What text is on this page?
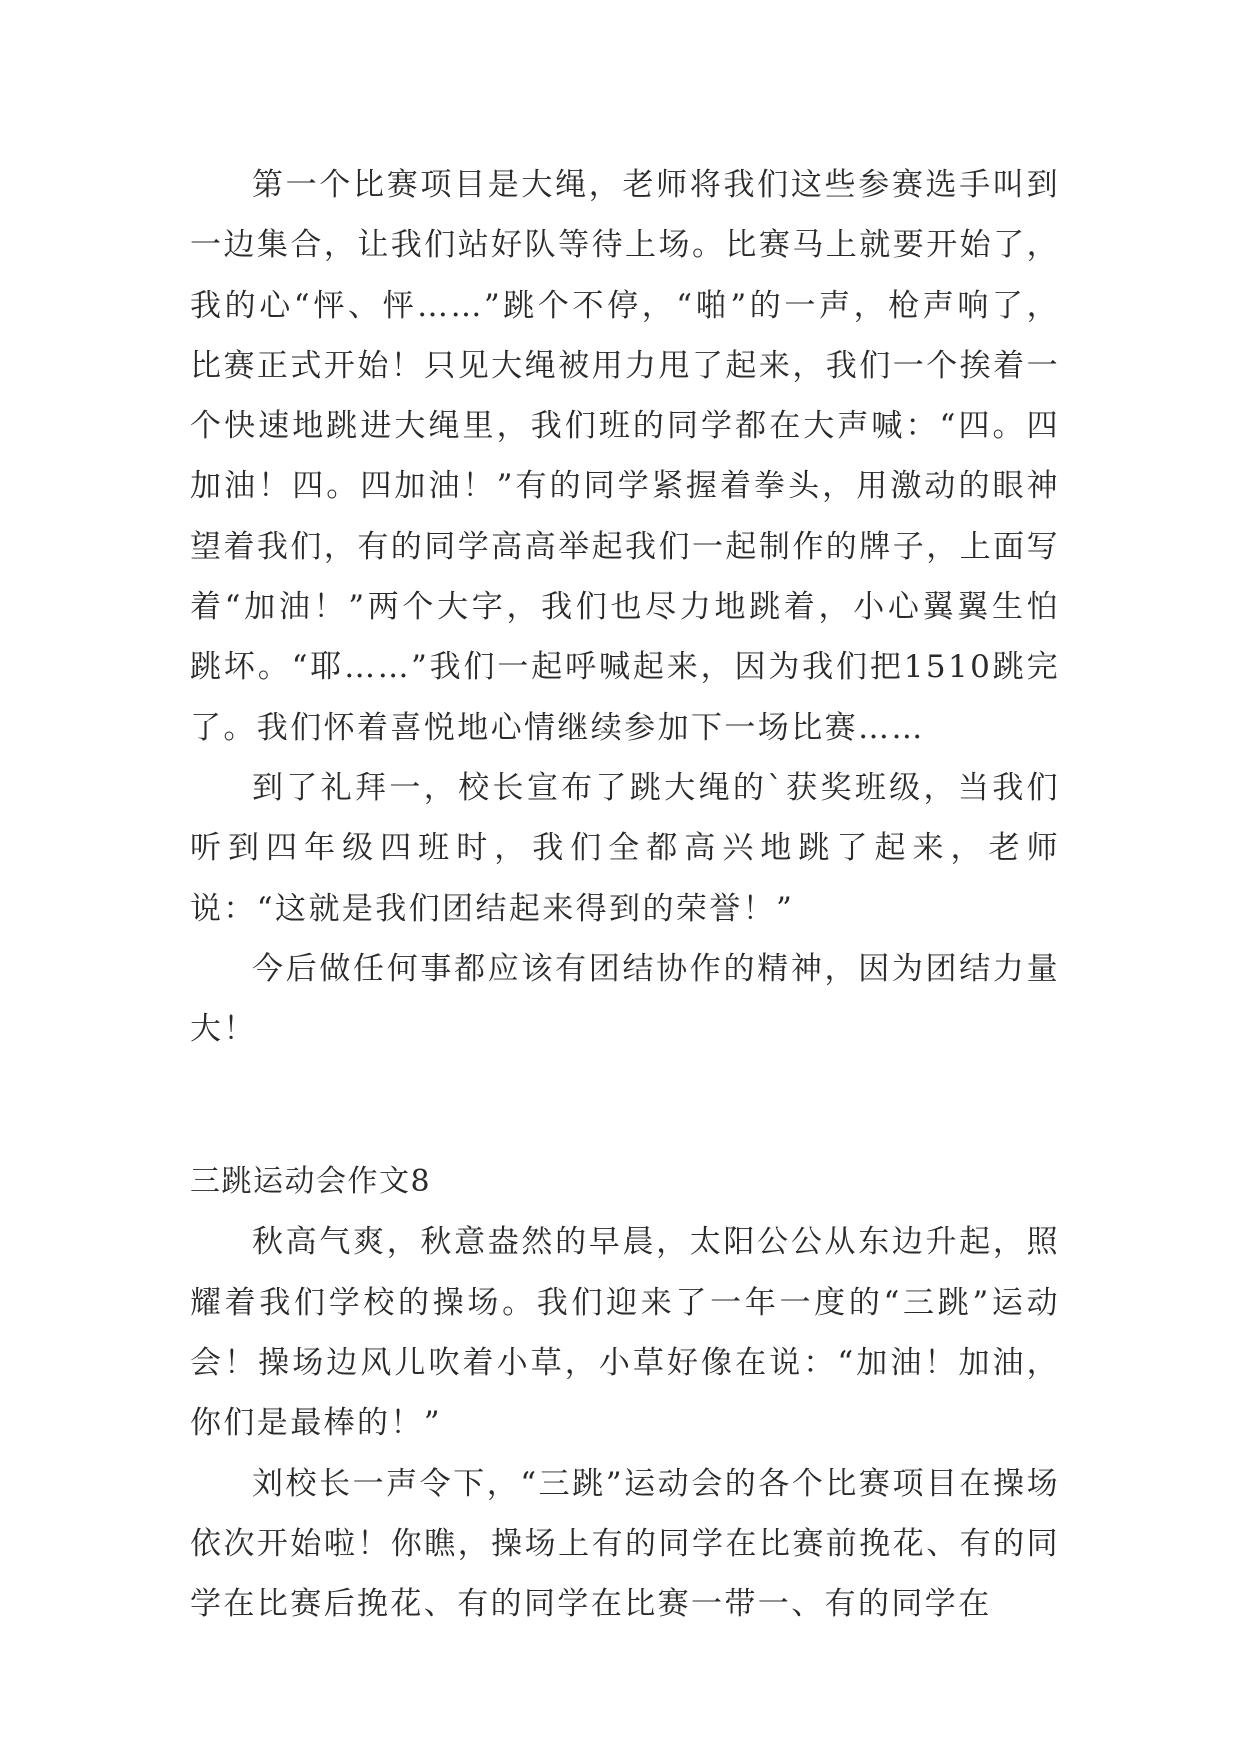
第一个比赛项目是大绳，老师将我们这些参赛选手叫到一边集合，让我们站好队等待上场。比赛马上就要开始了，我的心“怦、怦……”跳个不停，“啪”的一声，枪声响了，比赛正式开始！只见大绳被用力甩了起来，我们一个挨着一个快速地跳进大绳里，我们班的同学都在大声喊：“四。四加油！四。四加油！”有的同学紧握着拳头，用激动的眼神望着我们，有的同学高高举起我们一起制作的牌子，上面写着“加油！”两个大字，我们也尽力地跳着，小心翼翼生怕跳坏。“耶……”我们一起呼喊起来，因为我们把1510跳完了。我们怀着喜悦地心情继续参加下一场比赛……

到了礼拜一，校长宣布了跳大绳的`获奖班级，当我们听到四年级四班时，我们全都高兴地跳了起来，老师说：“这就是我们团结起来得到的荣誉！”

今后做任何事都应该有团结协作的精神，因为团结力量大！

三跳运动会作文8

秋高气爽，秋意盎然的早晨，太阳公公从东边升起，照耀着我们学校的操场。我们迎来了一年一度的“三跳”运动会！操场边风儿吹着小草，小草好像在说：“加油！加油，你们是最棒的！”

刘校长一声令下，“三跳”运动会的各个比赛项目在操场依次开始啦！你瞧，操场上有的同学在比赛前挽花、有的同学在比赛后挽花、有的同学在比赛一带一、有的同学在
